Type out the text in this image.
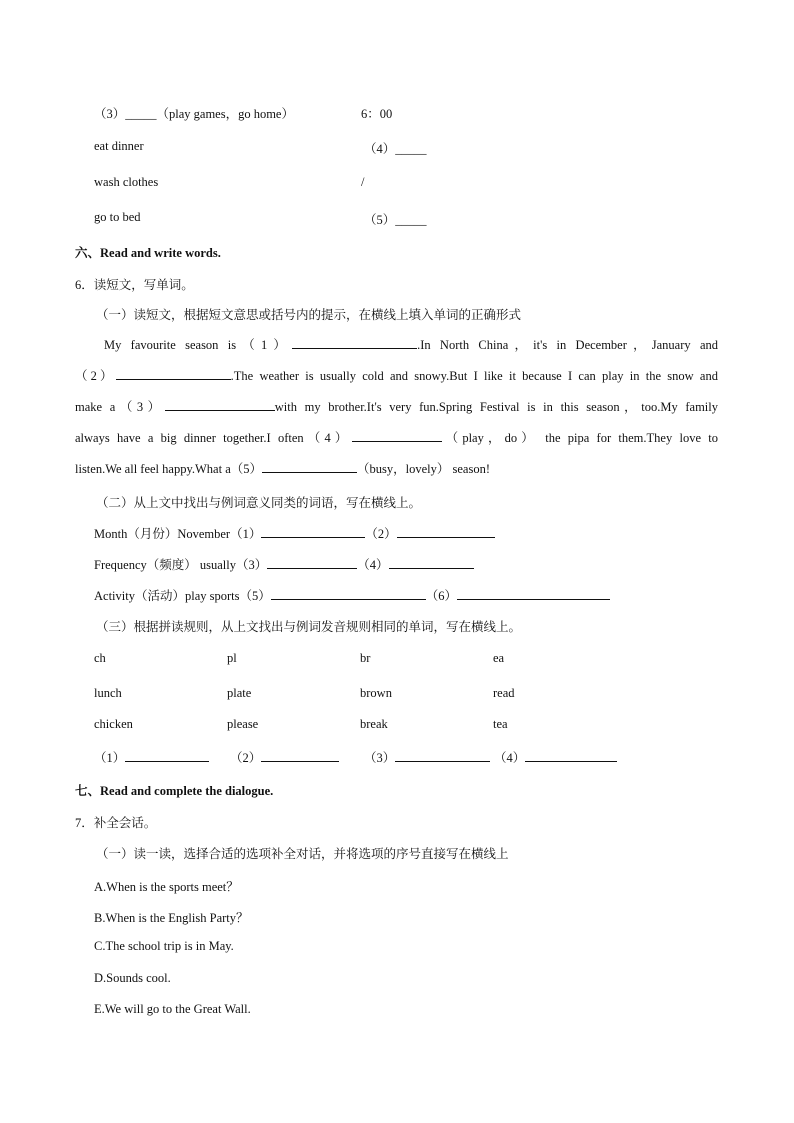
（3）_____（play games，go home）	6：00
eat dinner	（4）_____
wash clothes	/
go to bed	（5）_____
六、Read and write words.
6．读短文，写单词。
（一）读短文，根据短文意思或括号内的提示，在横线上填入单词的正确形式
My favourite season is（1）	.In North China，it's in December，January and
（2）	.The weather is usually cold and snowy.But I like it because I can play in the snow and
make a（3）	with my brother.It's very fun.Spring Festival is in this season，too.My family
always have a big dinner together.I often（4）	（play，do） the pipa for them.They love to
listen.We all feel happy.What a（5）	（busy，lovely） season!
（二）从上文中找出与例词意义同类的词语，写在横线上。
Month（月份）November（1）	（2）
Frequency（频度） usually（3）	（4）
Activity（活动）play sports（5）	（6）
（三）根据拼读规则，从上文找出与例词发音规则相同的单词，写在横线上。
ch	pl	br	ea
lunch	plate	brown	read
chicken	please	break	tea
（1）	（2）	（3）	（4）
七、Read and complete the dialogue.
7．补全会话。
（一）读一读，选择合适的选项补全对话，并将选项的序号直接写在横线上
A.When is the sports meet？
B.When is the English Party？
C.The school trip is in May.
D.Sounds cool.
E.We will go to the Great Wall.
